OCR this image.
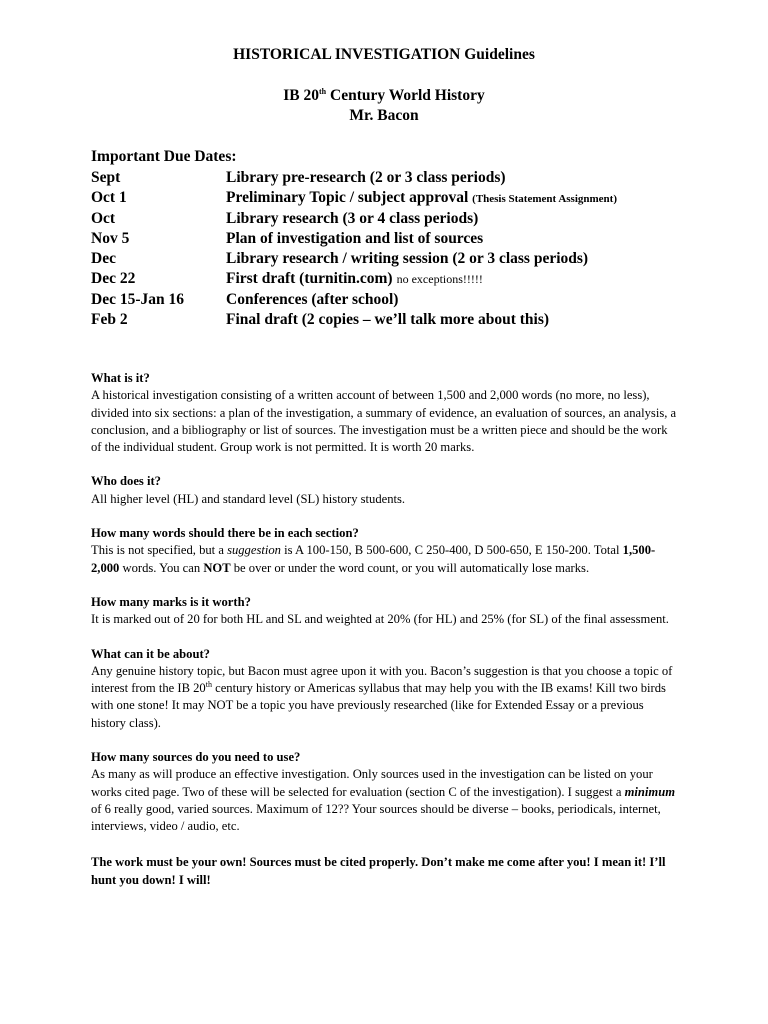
HISTORICAL INVESTIGATION Guidelines
IB 20th Century World History
Mr. Bacon
Important Due Dates:
Sept	Library pre-research (2 or 3 class periods)
Oct 1	Preliminary Topic / subject approval (Thesis Statement Assignment)
Oct	Library research (3 or 4 class periods)
Nov 5	Plan of investigation and list of sources
Dec	Library research / writing session (2 or 3 class periods)
Dec 22	First draft (turnitin.com) no exceptions!!!!!
Dec 15-Jan 16	Conferences (after school)
Feb 2	Final draft (2 copies – we’ll talk more about this)
What is it?

A historical investigation consisting of a written account of between 1,500 and 2,000 words (no more, no less), divided into six sections: a plan of the investigation, a summary of evidence, an evaluation of sources, an analysis, a conclusion, and a bibliography or list of sources. The investigation must be a written piece and should be the work of the individual student. Group work is not permitted. It is worth 20 marks.

Who does it?

All higher level (HL) and standard level (SL) history students.

How many words should there be in each section?

This is not specified, but a suggestion is A 100-150, B 500-600, C 250-400, D 500-650, E 150-200. Total 1,500-2,000 words. You can NOT be over or under the word count, or you will automatically lose marks.

How many marks is it worth?

It is marked out of 20 for both HL and SL and weighted at 20% (for HL) and 25% (for SL) of the final assessment.

What can it be about?

Any genuine history topic, but Bacon must agree upon it with you. Bacon’s suggestion is that you choose a topic of interest from the IB 20th century history or Americas syllabus that may help you with the IB exams! Kill two birds with one stone! It may NOT be a topic you have previously researched (like for Extended Essay or a previous history class).

How many sources do you need to use?

As many as will produce an effective investigation. Only sources used in the investigation can be listed on your works cited page. Two of these will be selected for evaluation (section C of the investigation). I suggest a minimum of 6 really good, varied sources. Maximum of 12?? Your sources should be diverse – books, periodicals, internet, interviews, video / audio, etc.

The work must be your own! Sources must be cited properly. Don’t make me come after you! I mean it! I’ll hunt you down! I will!
